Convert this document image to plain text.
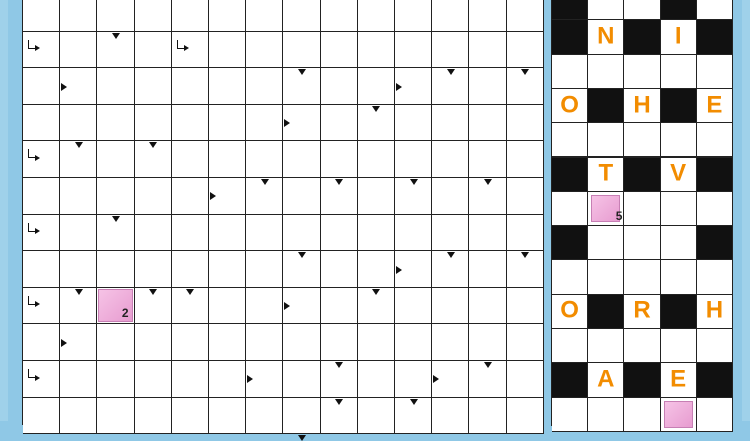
2
N	I
O	H	E
T	V
O	R	H
A	E
5
